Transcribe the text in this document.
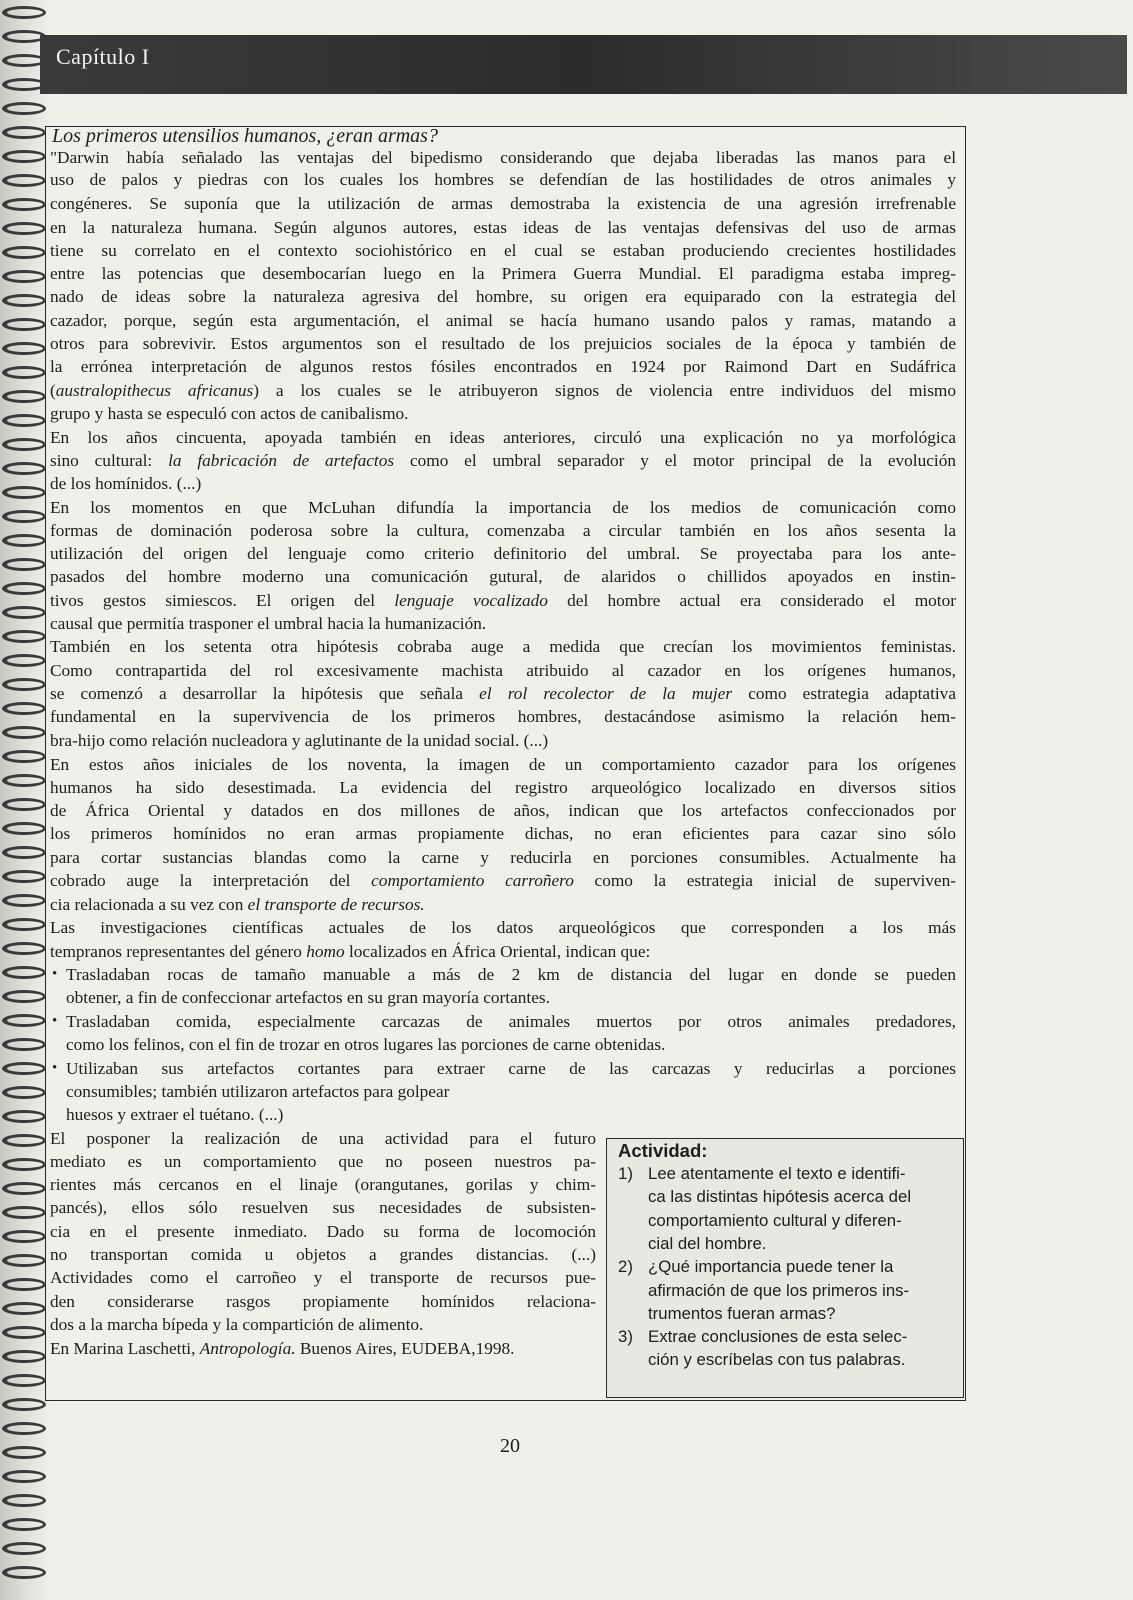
Capítulo I
Los primeros utensilios humanos, ¿eran armas?
"Darwin había señalado las ventajas del bipedismo considerando que dejaba liberadas las manos para el
uso de palos y piedras con los cuales los hombres se defendían de las hostilidades de otros animales y
congéneres. Se suponía que la utilización de armas demostraba la existencia de una agresión irrefrenable
en la naturaleza humana. Según algunos autores, estas ideas de las ventajas defensivas del uso de armas
tiene su correlato en el contexto sociohistórico en el cual se estaban produciendo crecientes hostilidades
entre las potencias que desembocarían luego en la Primera Guerra Mundial. El paradigma estaba impreg-
nado de ideas sobre la naturaleza agresiva del hombre, su origen era equiparado con la estrategia del
cazador, porque, según esta argumentación, el animal se hacía humano usando palos y ramas, matando a
otros para sobrevivir. Estos argumentos son el resultado de los prejuicios sociales de la época y también de
la errónea interpretación de algunos restos fósiles encontrados en 1924 por Raimond Dart en Sudáfrica
(australopithecus africanus) a los cuales se le atribuyeron signos de violencia entre individuos del mismo
grupo y hasta se especuló con actos de canibalismo.
En los años cincuenta, apoyada también en ideas anteriores, circuló una explicación no ya morfológica
sino cultural: la fabricación de artefactos como el umbral separador y el motor principal de la evolución
de los homínidos. (...)
En los momentos en que McLuhan difundía la importancia de los medios de comunicación como
formas de dominación poderosa sobre la cultura, comenzaba a circular también en los años sesenta la
utilización del origen del lenguaje como criterio definitorio del umbral. Se proyectaba para los ante-
pasados del hombre moderno una comunicación gutural, de alaridos o chillidos apoyados en instin-
tivos gestos simiescos. El origen del lenguaje vocalizado del hombre actual era considerado el motor
causal que permitía trasponer el umbral hacia la humanización.
También en los setenta otra hipótesis cobraba auge a medida que crecían los movimientos feministas.
Como contrapartida del rol excesivamente machista atribuido al cazador en los orígenes humanos,
se comenzó a desarrollar la hipótesis que señala el rol recolector de la mujer como estrategia adaptativa
fundamental en la supervivencia de los primeros hombres, destacándose asimismo la relación hem-
bra-hijo como relación nucleadora y aglutinante de la unidad social. (...)
En estos años iniciales de los noventa, la imagen de un comportamiento cazador para los orígenes
humanos ha sido desestimada. La evidencia del registro arqueológico localizado en diversos sitios
de África Oriental y datados en dos millones de años, indican que los artefactos confeccionados por
los primeros homínidos no eran armas propiamente dichas, no eran eficientes para cazar sino sólo
para cortar sustancias blandas como la carne y reducirla en porciones consumibles. Actualmente ha
cobrado auge la interpretación del comportamiento carroñero como la estrategia inicial de superviven-
cia relacionada a su vez con el transporte de recursos.
Las investigaciones científicas actuales de los datos arqueológicos que corresponden a los más
tempranos representantes del género homo localizados en África Oriental, indican que:
Trasladaban rocas de tamaño manuable a más de 2 km de distancia del lugar en donde se pueden
•
obtener, a fin de confeccionar artefactos en su gran mayoría cortantes.
Trasladaban comida, especialmente carcazas de animales muertos por otros animales predadores,
•
como los felinos, con el fin de trozar en otros lugares las porciones de carne obtenidas.
Utilizaban sus artefactos cortantes para extraer carne de las carcazas y reducirlas a porciones
•
consumibles; también utilizaron artefactos para golpear
huesos y extraer el tuétano. (...)
El posponer la realización de una actividad para el futuro
mediato es un comportamiento que no poseen nuestros pa-
rientes más cercanos en el linaje (orangutanes, gorilas y chim-
pancés), ellos sólo resuelven sus necesidades de subsisten-
cia en el presente inmediato. Dado su forma de locomoción
no transportan comida u objetos a grandes distancias. (...)
Actividades como el carroñeo y el transporte de recursos pue-
den considerarse rasgos propiamente homínidos relaciona-
dos a la marcha bípeda y la compartición de alimento.
En Marina Laschetti, Antropología. Buenos Aires, EUDEBA,1998.
Actividad:
1) Lee atentamente el texto e identifi-
ca las distintas hipótesis acerca del
comportamiento cultural y diferen-
cial del hombre.
2) ¿Qué importancia puede tener la
afirmación de que los primeros ins-
trumentos fueran armas?
3) Extrae conclusiones de esta selec-
ción y escríbelas con tus palabras.
20
